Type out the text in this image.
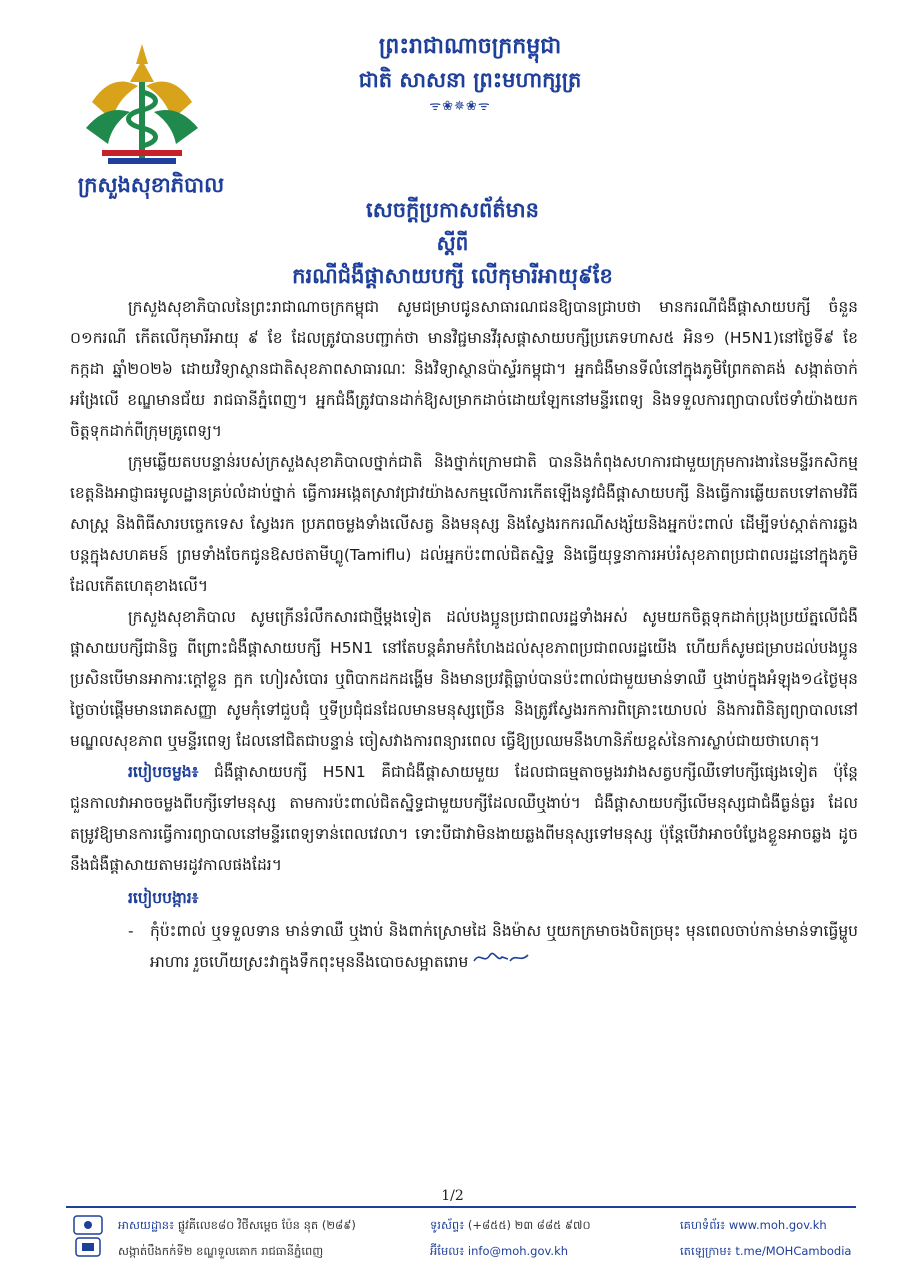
ក្រសួងសុខាភិបាល
ព្រះរាជាណាចក្រកម្ពុជា
ជាតិ សាសនា ព្រះមហាក្សត្រ
ᯤ❀✵❀ᯤ
សេចក្តីប្រកាសព័ត៌មាន
ស្តីពី
ករណីជំងឺផ្តាសាយបក្សី លើកុមារីអាយុ៩ខែ

ក្រសួងសុខាភិបាលនៃព្រះរាជាណាចក្រកម្ពុជា សូមជម្រាបជូនសាធារណជនឱ្យបានជ្រាបថា មានករណីជំងឺផ្តាសាយបក្សី ចំនួន ០១ករណី កើតលើកុមារីអាយុ ៩ ខែ ដែលត្រូវបានបញ្ជាក់ថា មានវិជ្ជមានវីរុសផ្តាសាយបក្សីប្រភេទហាស៥ អិន១ (H5N1)នៅថ្ងៃទី៩ ខែកក្កដា ឆ្នាំ២០២៦ ដោយវិទ្យាស្ថានជាតិសុខភាពសាធារណៈ និងវិទ្យាស្ថានប៉ាស្ទ័រកម្ពុជា។ អ្នកជំងឺមានទីលំនៅក្នុងភូមិព្រែកតាគង់ សង្កាត់ចាក់អង្រែលើ ខណ្ឌមានជ័យ រាជធានីភ្នំពេញ។ អ្នកជំងឺត្រូវបានដាក់ឱ្យសម្រាកដាច់ដោយឡែកនៅមន្ទីរពេទ្យ និងទទួលការព្យាបាលថែទាំយ៉ាងយកចិត្តទុកដាក់ពីក្រុមគ្រូពេទ្យ។

ក្រុមឆ្លើយតបបន្ទាន់របស់ក្រសួងសុខាភិបាលថ្នាក់ជាតិ និងថ្នាក់ក្រោមជាតិ បាននិងកំពុងសហការជាមួយក្រុមការងារនៃមន្ទីរកសិកម្មខេត្តនិងអាជ្ញាធរមូលដ្ឋានគ្រប់លំដាប់ថ្នាក់ ធ្វើការអង្កេតស្រាវជ្រាវយ៉ាងសកម្មលើការកើតឡើងនូវជំងឺផ្តាសាយបក្សី និងធ្វើការឆ្លើយតបទៅតាមវិធីសាស្ត្រ និងពិធីសារបច្ចេកទេស ស្វែងរក ប្រភពចម្លងទាំងលើសត្វ និងមនុស្ស និងស្វែងរកករណីសង្ស័យនិងអ្នកប៉ះពាល់ ដើម្បីទប់ស្កាត់ការឆ្លងបន្តក្នុងសហគមន៍ ព្រមទាំងចែកជូនឱសថតាមីហ្លូ(Tamiflu) ដល់អ្នកប៉ះពាល់ជិតស្និទ្ធ និងធ្វើយុទ្ធនាការអប់រំសុខភាពប្រជាពលរដ្ឋនៅក្នុងភូមិដែលកើតហេតុខាងលើ។

ក្រសួងសុខាភិបាល សូមក្រើនរំលឹកសារជាថ្មីម្តងទៀត ដល់បងប្អូនប្រជាពលរដ្ឋទាំងអស់ សូមយកចិត្តទុកដាក់ប្រុងប្រយ័ត្នលើជំងឺផ្តាសាយបក្សីជានិច្ច ពីព្រោះជំងឺផ្តាសាយបក្សី H5N1 នៅតែបន្តគំរាមកំហែងដល់សុខភាពប្រជាពលរដ្ឋយើង ហើយក៏សូមជម្រាបដល់បងប្អូន ប្រសិនបើមានអាការៈក្តៅខ្លួន ក្អក ហៀរសំបោរ ឬពិបាកដកដង្ហើម និងមានប្រវត្តិធ្លាប់បានប៉ះពាល់ជាមួយមាន់ទាឈឺ ឬងាប់ក្នុងអំឡុង១៤ថ្ងៃមុនថ្ងៃចាប់ផ្តើមមានរោគសញ្ញា សូមកុំទៅជួបជុំ ឬទីប្រជុំជនដែលមានមនុស្សច្រើន និងត្រូវស្វែងរកការពិគ្រោះយោបល់ និងការពិនិត្យព្យាបាលនៅមណ្ឌលសុខភាព ឬមន្ទីរពេទ្យ ដែលនៅជិតជាបន្ទាន់ ចៀសវាងការពន្យារពេល ធ្វើឱ្យប្រឈមនឹងហានិភ័យខ្ពស់នៃការស្លាប់ជាយថាហេតុ។

របៀបចម្លង៖ ជំងឺផ្តាសាយបក្សី H5N1 គឺជាជំងឺផ្តាសាយមួយ ដែលជាធម្មតាចម្លងរវាងសត្វបក្សីឈឺទៅបក្សីផ្សេងទៀត ប៉ុន្តែជួនកាលវាអាចចម្លងពីបក្សីទៅមនុស្ស តាមការប៉ះពាល់ជិតស្និទ្ធជាមួយបក្សីដែលឈឺឬងាប់។ ជំងឺផ្តាសាយបក្សីលើមនុស្សជាជំងឺធ្ងន់ធ្ងរ ដែលតម្រូវឱ្យមានការធ្វើការព្យាបាលនៅមន្ទីរពេទ្យទាន់ពេលវេលា។ ទោះបីជាវាមិនងាយឆ្លងពីមនុស្សទៅមនុស្ស ប៉ុន្តែបើវាអាចបំប្លែងខ្លួនអាចឆ្លង ដូចនឹងជំងឺផ្តាសាយតាមរដូវកាលផងដែរ។

របៀបបង្ការ៖
-	កុំប៉ះពាល់ ឬទទួលទាន មាន់ទាឈឺ ឬងាប់ និងពាក់ស្រោមដៃ និងម៉ាស ឬយកក្រមាចងបិតច្រមុះ មុនពេលចាប់កាន់មាន់ទាធ្វើម្ហូបអាហារ រួចហើយស្រះវាក្នុងទឹកពុះមុននឹងបោចសម្អាតរោម
1/2
អាសយដ្ឋាន៖ ផ្លូវគីលេខ៨០ វិថីសម្តេច ប៉ែន នុត (២៨៩)
សង្កាត់បឹងកក់ទី២ ខណ្ឌទួលគោក រាជធានីភ្នំពេញ
ទូរស័ព្ទ៖ (+៨៥៥) ២៣ ៨៨៥ ៩៧០
អ៊ីមែល៖ info@moh.gov.kh
គេហទំព័រ៖ www.moh.gov.kh
តេឡេក្រាម៖ t.me/MOHCambodia
